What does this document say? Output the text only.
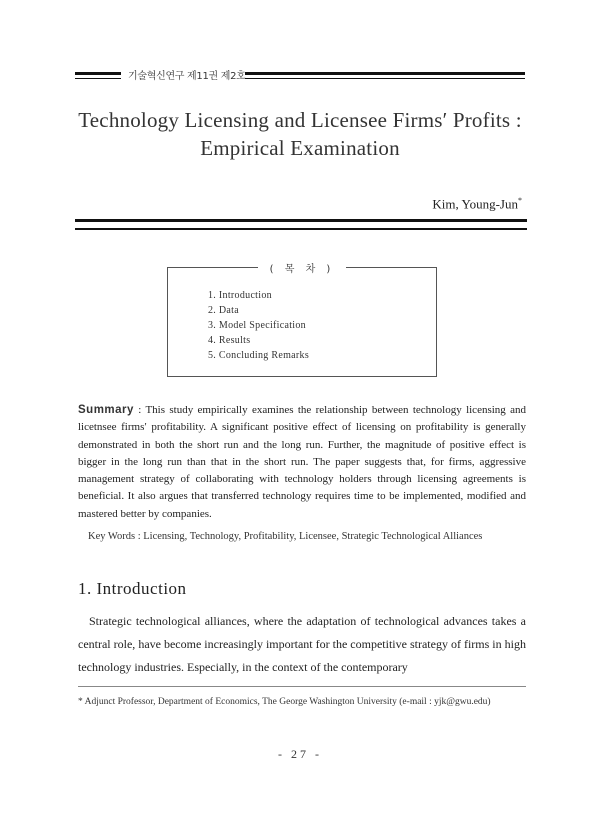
기술혁신연구 제11권 제2호
Technology Licensing and Licensee Firms′ Profits :
Empirical Examination
Kim, Young-Jun*
( 목 차 )
1. Introduction
2. Data
3. Model Specification
4. Results
5. Concluding Remarks
Summary : This study empirically examines the relationship between technology licensing and licetnsee firms′ profitability. A significant positive effect of licensing on profitability is generally demonstrated in both the short run and the long run. Further, the magnitude of positive effect is bigger in the long run than that in the short run. The paper suggests that, for firms, aggressive management strategy of collaborating with technology holders through licensing agreements is beneficial. It also argues that transferred technology requires time to be implemented, modified and mastered better by companies.
Key Words : Licensing, Technology, Profitability, Licensee, Strategic Technological Alliances
1. Introduction

Strategic technological alliances, where the adaptation of technological advances takes a central role, have become increasingly important for the competitive strategy of firms in high technology industries. Especially, in the context of the contemporary

* Adjunct Professor, Department of Economics, The George Washington University (e-mail : yjk@gwu.edu)
- 27 -
